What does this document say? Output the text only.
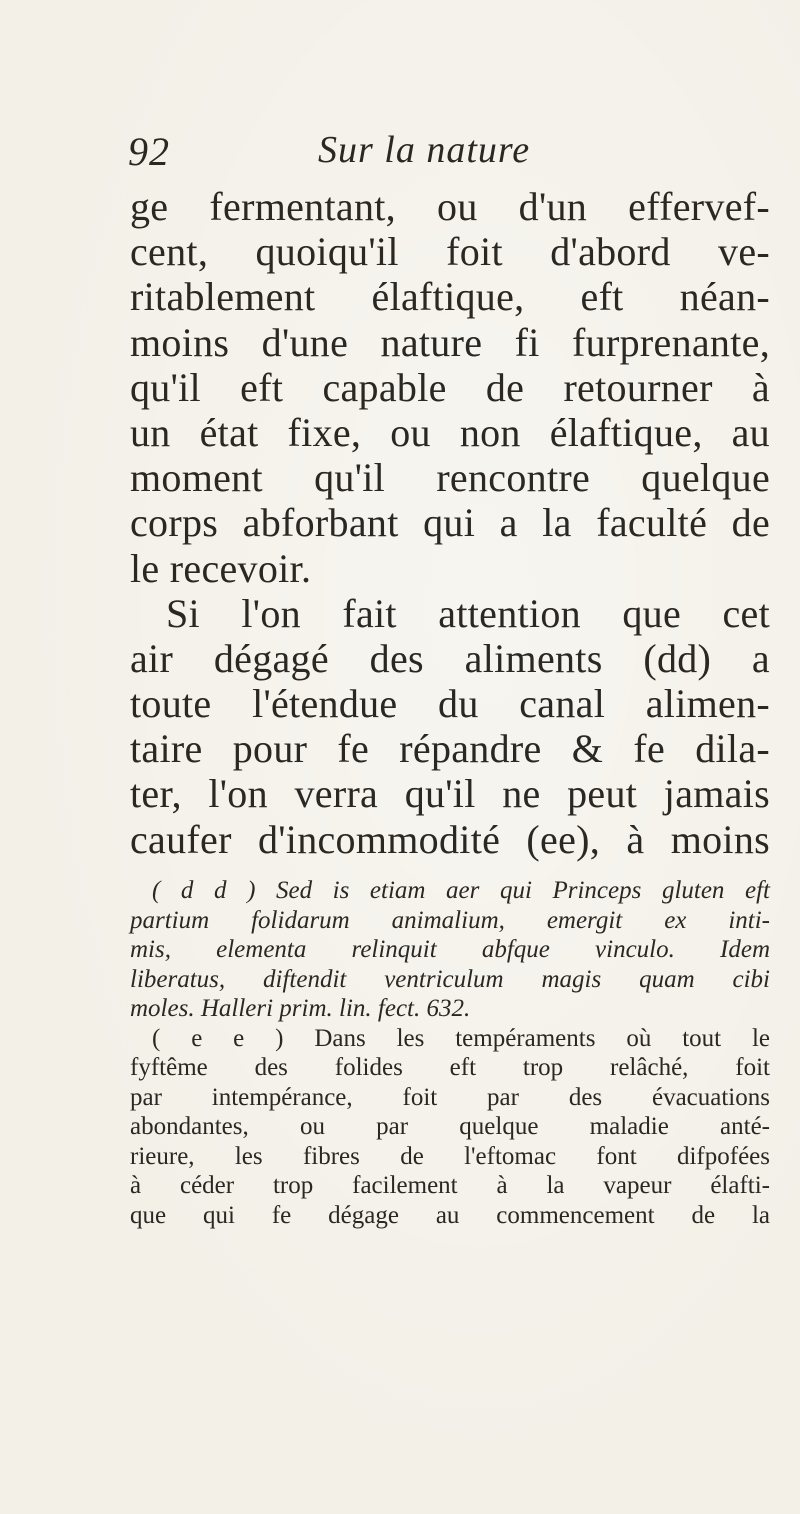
92	Sur la nature
ge fermentant, ou d'un effervef-
cent, quoiqu'il foit d'abord ve-
ritablement élaftique, eft néan-
moins d'une nature fi furprenante,
qu'il eft capable de retourner à
un état fixe, ou non élaftique, au
moment qu'il rencontre quelque
corps abforbant qui a la faculté de
le recevoir.
Si l'on fait attention que cet
air dégagé des aliments (dd) a
toute l'étendue du canal alimen-
taire pour fe répandre & fe dila-
ter, l'on verra qu'il ne peut jamais
caufer d'incommodité (ee), à moins
( d d ) Sed is etiam aer qui Princeps gluten eft
partium folidarum animalium, emergit ex inti-
mis, elementa relinquit abfque vinculo. Idem
liberatus, diftendit ventriculum magis quam cibi
moles. Halleri prim. lin. fect. 632.
( e e ) Dans les tempéraments où tout le
fyftême des folides eft trop relâché, foit
par intempérance, foit par des évacuations
abondantes, ou par quelque maladie anté-
rieure, les fibres de l'eftomac font difpofées
à céder trop facilement à la vapeur élafti-
que qui fe dégage au commencement de la
